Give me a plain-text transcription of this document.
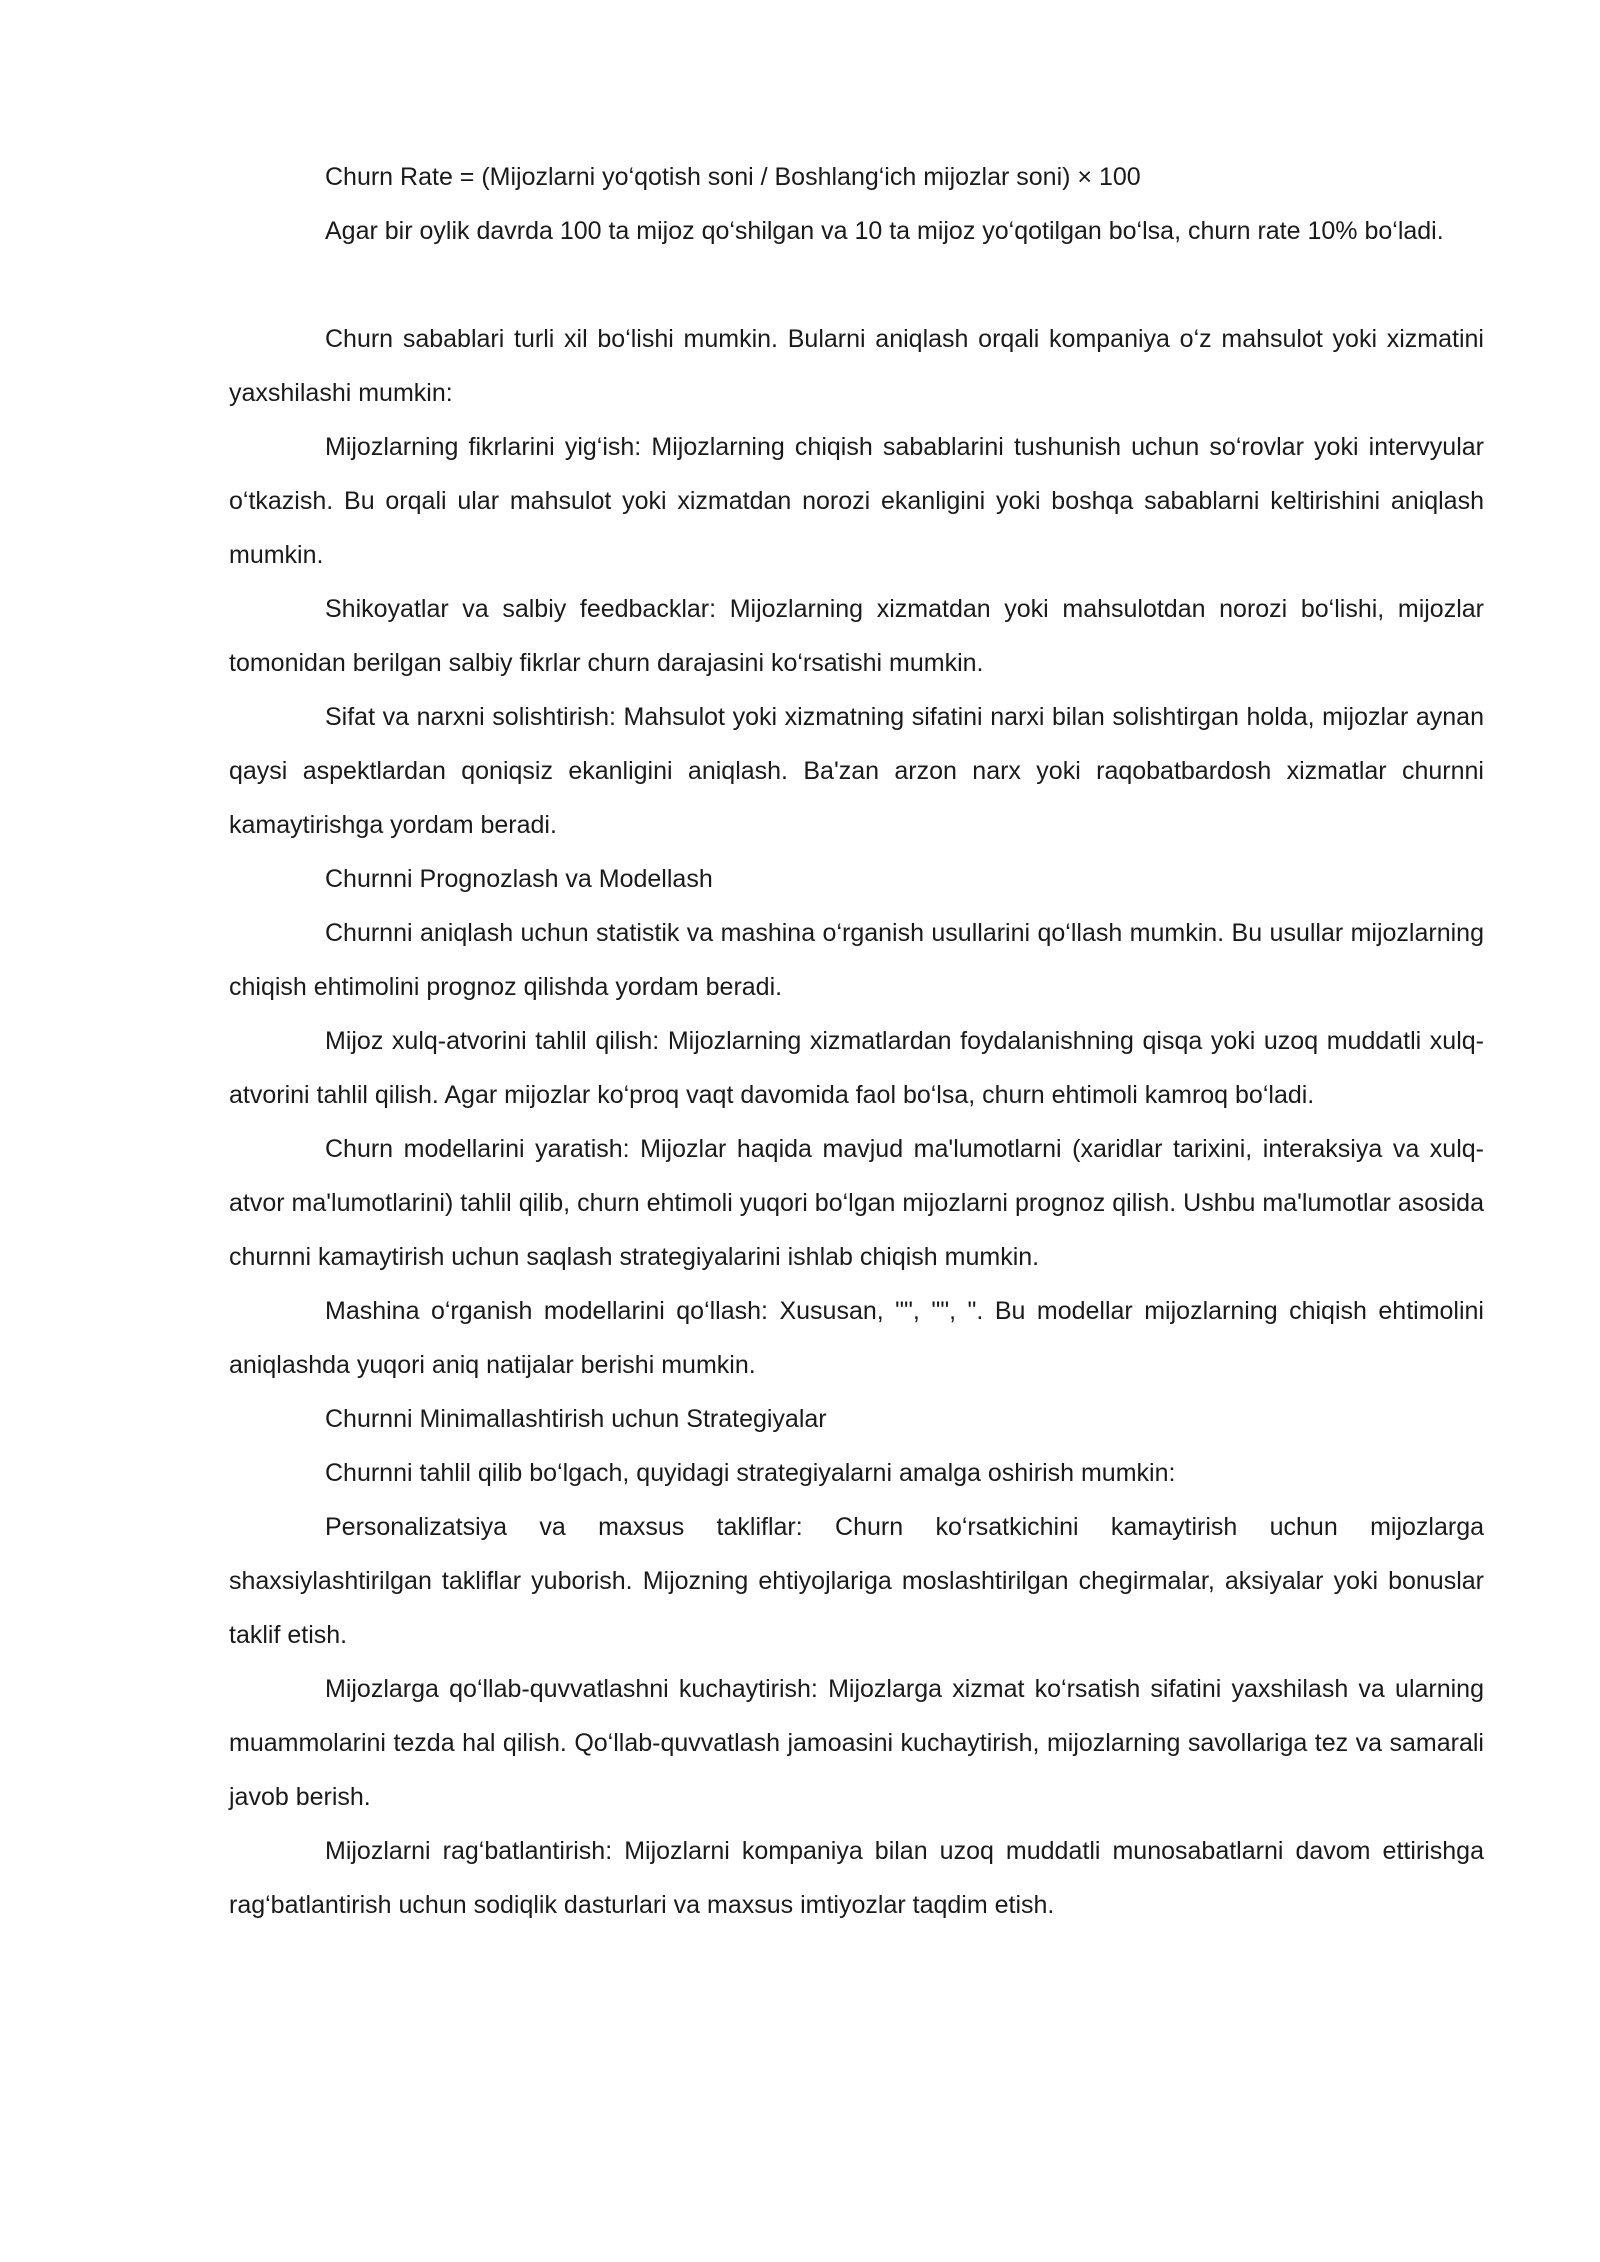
Churn Rate = (Mijozlarni yo‘qotish soni / Boshlang‘ich mijozlar soni) × 100

Agar bir oylik davrda 100 ta mijoz qo‘shilgan va 10 ta mijoz yo‘qotilgan bo‘lsa, churn rate 10% bo‘ladi.

Churn sabablari turli xil bo‘lishi mumkin. Bularni aniqlash orqali kompaniya o‘z mahsulot yoki xizmatini yaxshilashi mumkin:

Mijozlarning fikrlarini yig‘ish: Mijozlarning chiqish sabablarini tushunish uchun so‘rovlar yoki intervyular o‘tkazish. Bu orqali ular mahsulot yoki xizmatdan norozi ekanligini yoki boshqa sabablarni keltirishini aniqlash mumkin.

Shikoyatlar va salbiy feedbacklar: Mijozlarning xizmatdan yoki mahsulotdan norozi bo‘lishi, mijozlar tomonidan berilgan salbiy fikrlar churn darajasini ko‘rsatishi mumkin.

Sifat va narxni solishtirish: Mahsulot yoki xizmatning sifatini narxi bilan solishtirgan holda, mijozlar aynan qaysi aspektlardan qoniqsiz ekanligini aniqlash. Ba'zan arzon narx yoki raqobatbardosh xizmatlar churnni kamaytirishga yordam beradi.

Churnni Prognozlash va Modellash

Churnni aniqlash uchun statistik va mashina o‘rganish usullarini qo‘llash mumkin. Bu usullar mijozlarning chiqish ehtimolini prognoz qilishda yordam beradi.

Mijoz xulq-atvorini tahlil qilish: Mijozlarning xizmatlardan foydalanishning qisqa yoki uzoq muddatli xulq-atvorini tahlil qilish. Agar mijozlar ko‘proq vaqt davomida faol bo‘lsa, churn ehtimoli kamroq bo‘ladi.

Churn modellarini yaratish: Mijozlar haqida mavjud ma'lumotlarni (xaridlar tarixini, interaksiya va xulq-atvor ma'lumotlarini) tahlil qilib, churn ehtimoli yuqori bo‘lgan mijozlarni prognoz qilish. Ushbu ma'lumotlar asosida churnni kamaytirish uchun saqlash strategiyalarini ishlab chiqish mumkin.

Mashina o‘rganish modellarini qo‘llash: Xususan, "", "", ". Bu modellar mijozlarning chiqish ehtimolini aniqlashda yuqori aniq natijalar berishi mumkin.

Churnni Minimallashtirish uchun Strategiyalar

Churnni tahlil qilib bo‘lgach, quyidagi strategiyalarni amalga oshirish mumkin:

Personalizatsiya va maxsus takliflar: Churn ko‘rsatkichini kamaytirish uchun mijozlarga shaxsiylashtirilgan takliflar yuborish. Mijozning ehtiyojlariga moslashtirilgan chegirmalar, aksiyalar yoki bonuslar taklif etish.

Mijozlarga qo‘llab-quvvatlashni kuchaytirish: Mijozlarga xizmat ko‘rsatish sifatini yaxshilash va ularning muammolarini tezda hal qilish. Qo‘llab-quvvatlash jamoasini kuchaytirish, mijozlarning savollariga tez va samarali javob berish.

Mijozlarni rag‘batlantirish: Mijozlarni kompaniya bilan uzoq muddatli munosabatlarni davom ettirishga rag‘batlantirish uchun sodiqlik dasturlari va maxsus imtiyozlar taqdim etish.
